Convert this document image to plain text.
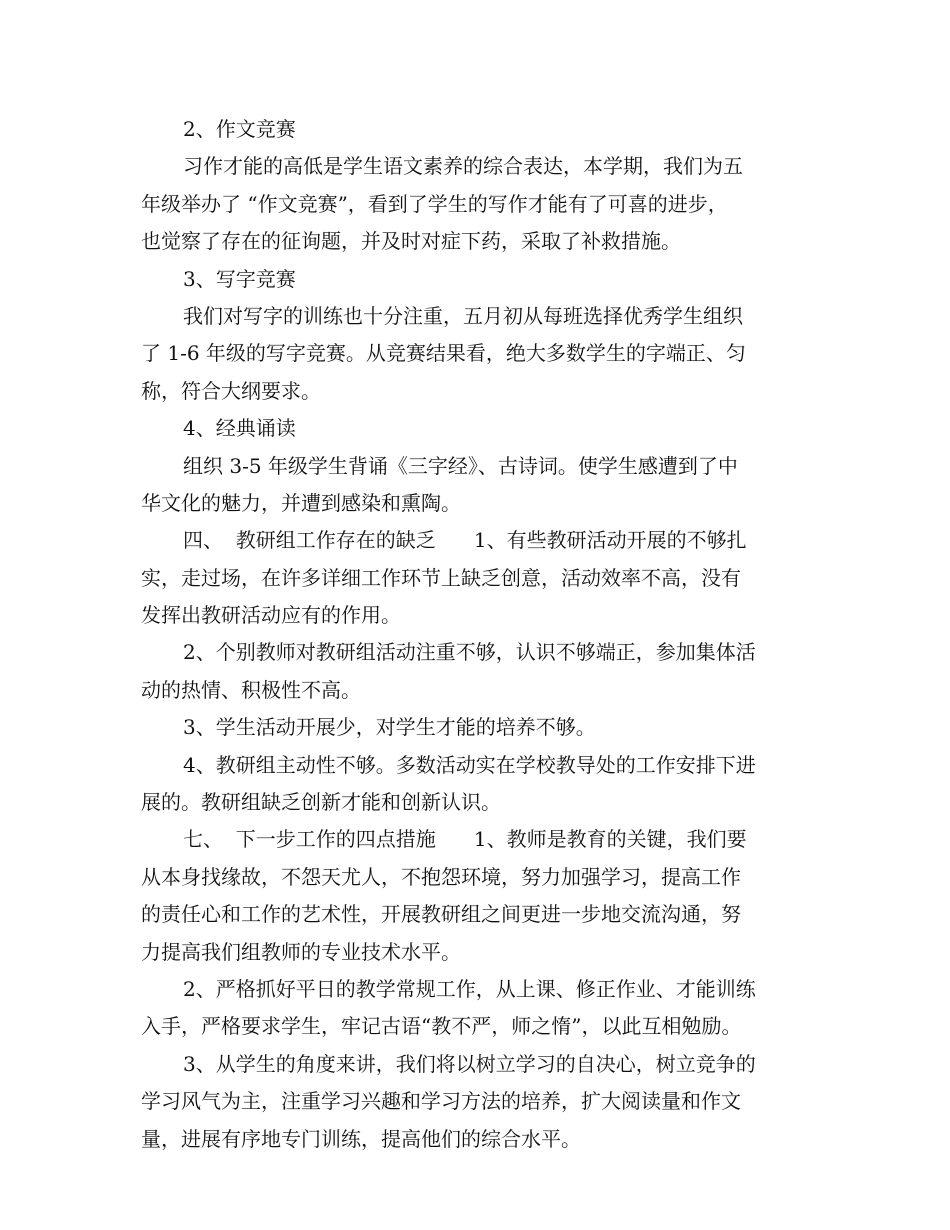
2、作文竞赛
习作才能的高低是学生语文素养的综合表达，本学期，我们为五
年级举办了 “作文竞赛”，看到了学生的写作才能有了可喜的进步，
也觉察了存在的征询题，并及时对症下药，采取了补救措施。
3、写字竞赛
我们对写字的训练也十分注重，五月初从每班选择优秀学生组织
了 1-6 年级的写字竞赛。从竞赛结果看，绝大多数学生的字端正、匀
称，符合大纲要求。
4、经典诵读
组织 3-5 年级学生背诵《三字经》、古诗词。使学生感遭到了中
华文化的魅力，并遭到感染和熏陶。
四、  教研组工作存在的缺乏      1、有些教研活动开展的不够扎
实，走过场，在许多详细工作环节上缺乏创意，活动效率不高，没有
发挥出教研活动应有的作用。
2、个别教师对教研组活动注重不够，认识不够端正，参加集体活
动的热情、积极性不高。
3、学生活动开展少，对学生才能的培养不够。
4、教研组主动性不够。多数活动实在学校教导处的工作安排下进
展的。教研组缺乏创新才能和创新认识。
七、  下一步工作的四点措施      1、教师是教育的关键，我们要
从本身找缘故，不怨天尤人，不抱怨环境，努力加强学习，提高工作
的责任心和工作的艺术性，开展教研组之间更进一步地交流沟通，努
力提高我们组教师的专业技术水平。
2、严格抓好平日的教学常规工作，从上课、修正作业、才能训练
入手，严格要求学生，牢记古语“教不严，师之惰”，以此互相勉励。
3、从学生的角度来讲，我们将以树立学习的自决心，树立竞争的
学习风气为主，注重学习兴趣和学习方法的培养，扩大阅读量和作文
量，进展有序地专门训练，提高他们的综合水平。
